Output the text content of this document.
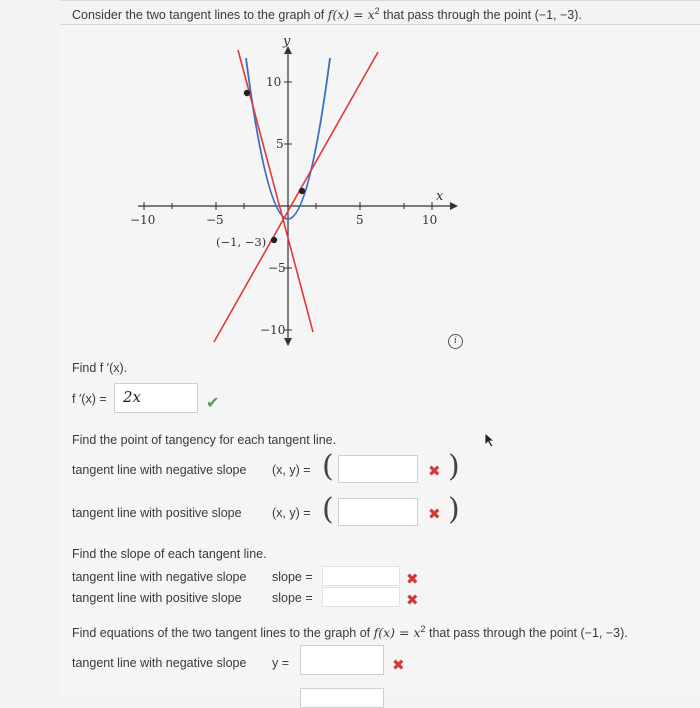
Consider the two tangent lines to the graph of $f(x) = x^2$ that pass through the point (−1, −3).
y
x
−10	−5	5	10
10
5
−5
−10
(−1, −3)
i
Find f ′(x).
f ′(x) =	2x	✔
Find the point of tangency for each tangent line.
tangent line with negative slope (x, y) = (	✖ )
tangent line with positive slope (x, y) = (	✖ )
Find the slope of each tangent line.
tangent line with negative slope slope =	✖
tangent line with positive slope slope =	✖
Find equations of the two tangent lines to the graph of $f(x) = x^2$ that pass through the point (−1, −3).
tangent line with negative slope y =	✖
